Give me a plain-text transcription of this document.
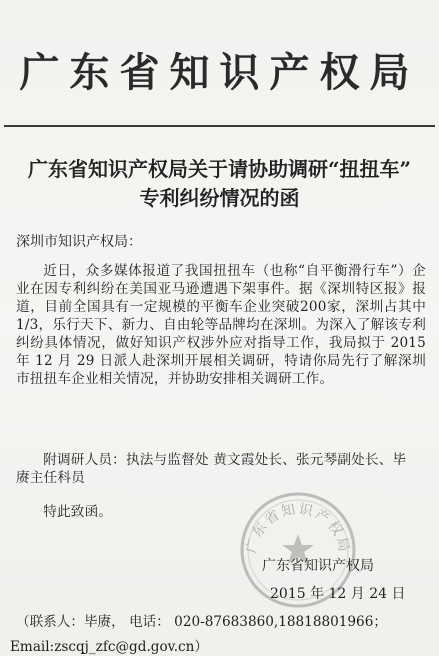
广东省知识产权局
广东省知识产权局关于请协助调研“扭扭车”
专利纠纷情况的函
深圳市知识产权局：
近日，众多媒体报道了我国扭扭车（也称“自平衡滑行车”）企业在因专利纠纷在美国亚马逊遭遇下架事件。据《深圳特区报》报道，目前全国具有一定规模的平衡车企业突破200家，深圳占其中 1/3，乐行天下、新力、自由轮等品牌均在深圳。为深入了解该专利纠纷具体情况，做好知识产权涉外应对指导工作，我局拟于 2015 年 12 月 29 日派人赴深圳开展相关调研，特请你局先行了解深圳市扭扭车企业相关情况，并协助安排相关调研工作。
附调研人员：执法与监督处 黄文霞处长、张元琴副处长、毕
赓主任科员
特此致函。
广东省知识产权局
广东省知识产权局
2015 年 12 月 24 日
（联系人：毕赓， 电话： 020-87683860,18818801966；
Email:zscqj_zfc@gd.gov.cn）
